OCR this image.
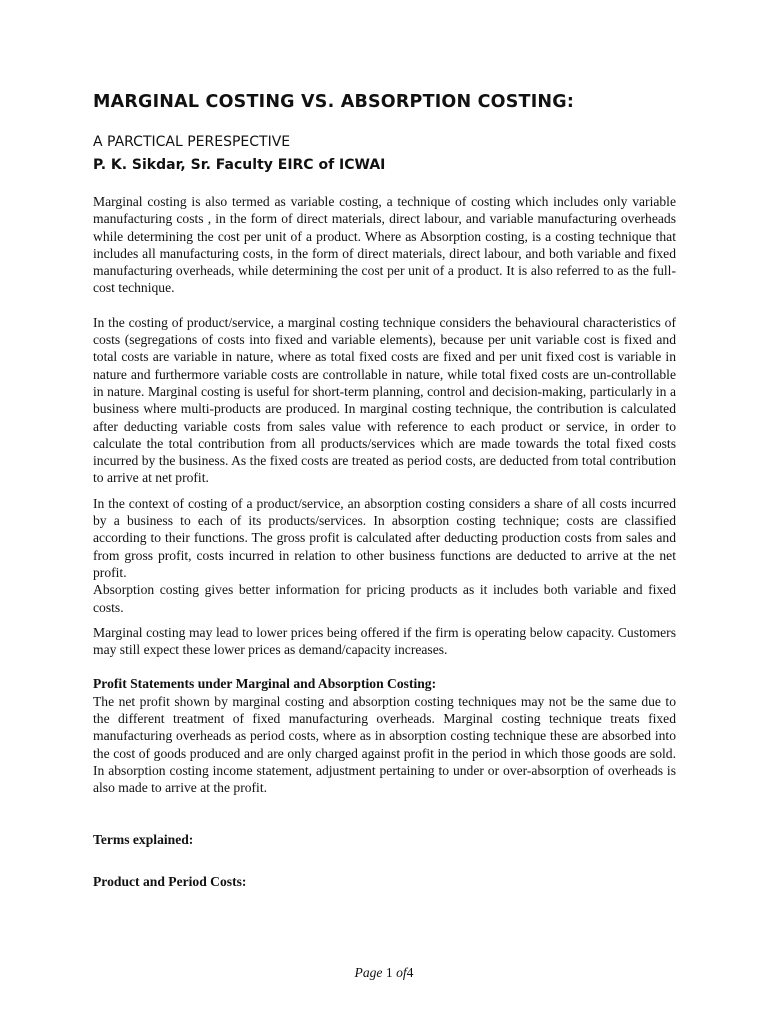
MARGINAL COSTING VS. ABSORPTION COSTING:
A PARCTICAL PERESPECTIVE
P. K. Sikdar, Sr. Faculty EIRC of ICWAI

Marginal costing is also termed as variable costing, a technique of costing which includes only variable manufacturing costs , in the form of direct materials, direct labour, and variable manufacturing overheads while determining the cost per unit of a product. Where as Absorption costing, is a costing technique that includes all manufacturing costs, in the form of direct materials, direct labour, and both variable and fixed manufacturing overheads, while determining the cost per unit of a product. It is also referred to as the full- cost technique.

In the costing of product/service, a marginal costing technique considers the behavioural characteristics of costs (segregations of costs into fixed and variable elements), because per unit variable cost is fixed and total costs are variable in nature, where as total fixed costs are fixed and per unit fixed cost is variable in nature and furthermore variable costs are controllable in nature, while total fixed costs are un-controllable in nature. Marginal costing is useful for short-term planning, control and decision-making, particularly in a business where multi-products are produced. In marginal costing technique, the contribution is calculated after deducting variable costs from sales value with reference to each product or service, in order to calculate the total contribution from all products/services which are made towards the total fixed costs incurred by the business. As the fixed costs are treated as period costs, are deducted from total contribution to arrive at net profit.

In the context of costing of a product/service, an absorption costing considers a share of all costs incurred by a business to each of its products/services. In absorption costing technique; costs are classified according to their functions. The gross profit is calculated after deducting production costs from sales and from gross profit, costs incurred in relation to other business functions are deducted to arrive at the net profit.

Absorption costing gives better information for pricing products as it includes both variable and fixed costs.

Marginal costing may lead to lower prices being offered if the firm is operating below capacity. Customers may still expect these lower prices as demand/capacity increases.

Profit Statements under Marginal and Absorption Costing:

The net profit shown by marginal costing and absorption costing techniques may not be the same due to the different treatment of fixed manufacturing overheads. Marginal costing technique treats fixed manufacturing overheads as period costs, where as in absorption costing technique these are absorbed into the cost of goods produced and are only charged against profit in the period in which those goods are sold. In absorption costing income statement, adjustment pertaining to under or over-absorption of overheads is also made to arrive at the profit.

Terms explained:

Product and Period Costs:

Page 1 of4
